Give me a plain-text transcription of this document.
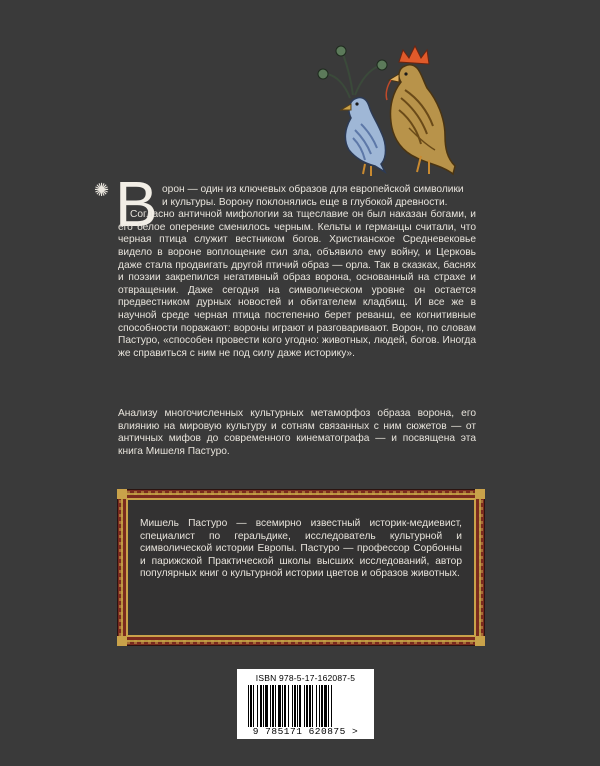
✺ В орон — один из ключевых образов для европейской символики
и культуры. Ворону поклонялись еще в глубокой древности.

Согласно античной мифологии за тщеславие он был наказан богами, и его белое оперение сменилось черным. Кельты и германцы считали, что черная птица служит вестником богов. Христианское Средневековье видело в вороне воплощение сил зла, объявило ему войну, и Церковь даже стала продвигать другой птичий образ — орла. Так в сказках, баснях и поэзии закрепился негативный образ ворона, основанный на страхе и отвращении. Даже сегодня на символическом уровне он остается предвестником дурных новостей и обитателем кладбищ. И все же в научной среде черная птица постепенно берет реванш, ее когнитивные способности поражают: вороны играют и разговаривают. Ворон, по словам Пастуро, «способен провести кого угодно: животных, людей, богов. Иногда же справиться с ним не под силу даже историку».

Анализу многочисленных культурных метаморфоз образа ворона, его влиянию на мировую культуру и сотням связанных с ним сюжетов — от античных мифов до современного кинематографа — и посвящена эта книга Мишеля Пастуро.

Мишель Пастуро — всемирно известный историк-медиевист, специалист по геральдике, исследователь культурной и символической истории Европы. Пастуро — профессор Сорбонны и парижской Практической школы высших исследований, автор популярных книг о культурной истории цветов и образов животных.

ISBN 978-5-17-162087-5
9 785171 620875 >
